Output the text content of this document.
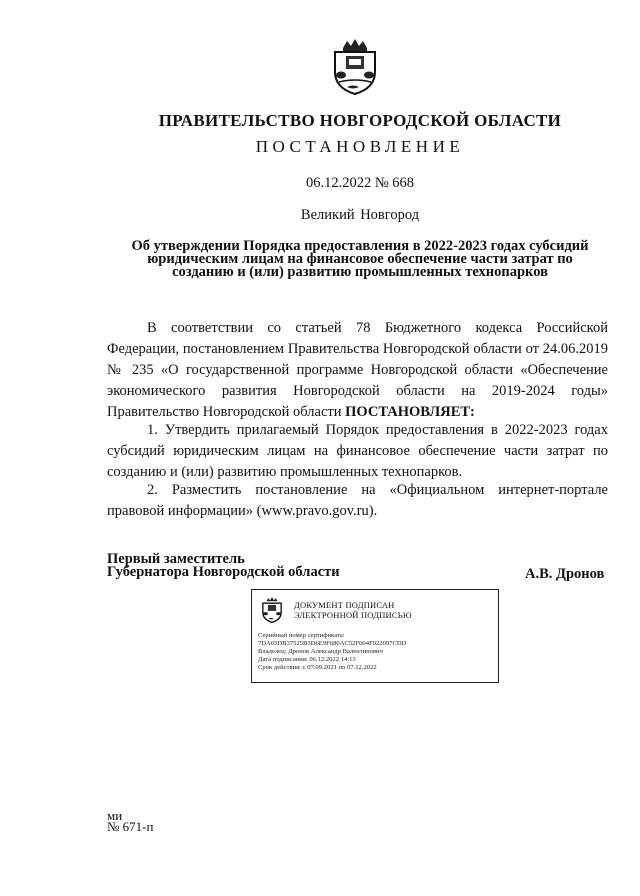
ПРАВИТЕЛЬСТВО НОВГОРОДСКОЙ ОБЛАСТИ
ПОСТАНОВЛЕНИЕ
06.12.2022 № 668
Великий Новгород
Об утверждении Порядка предоставления в 2022-2023 годах субсидий
юридическим лицам на финансовое обеспечение части затрат по
созданию и (или) развитию промышленных технопарков

В соответствии со статьей 78 Бюджетного кодекса Российской Федерации, постановлением Правительства Новгородской области от 24.06.2019 № 235 «О государственной программе Новгородской области «Обеспечение экономического развития Новгородской области на 2019-2024 годы» Правительство Новгородской области ПОСТАНОВЛЯЕТ:

1. Утвердить прилагаемый Порядок предоставления в 2022-2023 годах субсидий юридическим лицам на финансовое обеспечение части затрат по созданию и (или) развитию промышленных технопарков.

2. Разместить постановление на «Официальном интернет-портале правовой информации» (www.pravo.gov.ru).

Первый заместитель
Губернатора Новгородской области	А.В. Дронов
ДОКУМЕНТ ПОДПИСАН
ЭЛЕКТРОННОЙ ПОДПИСЬЮ
Серийный номер сертификата:
7DA65DB37525B3D6E9F680AC52F004F022097CDD
Владелец: Дронов Александр Валентинович
Дата подписания: 06.12.2022 14:13
Срок действия: с 07.09.2021 по 07.12.2022
ми
№ 671-п
